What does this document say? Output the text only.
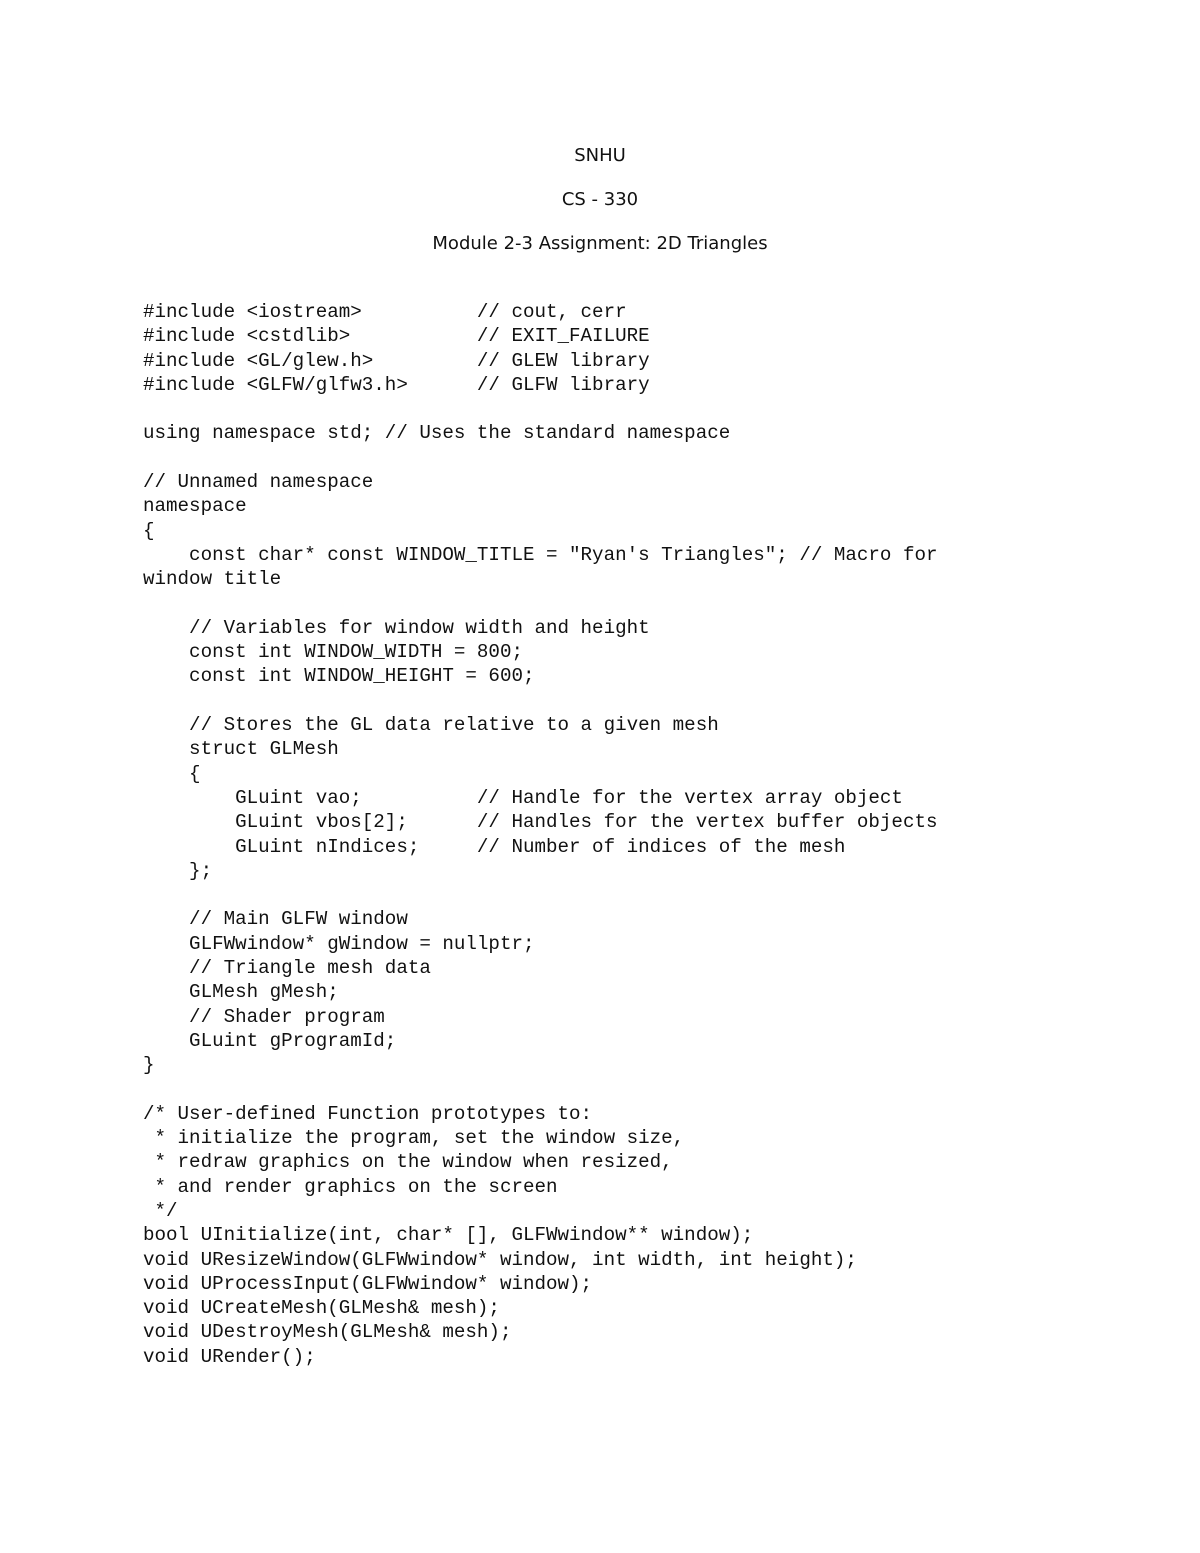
SNHU
CS - 330
Module 2-3 Assignment: 2D Triangles
#include <iostream>          // cout, cerr
#include <cstdlib>           // EXIT_FAILURE
#include <GL/glew.h>         // GLEW library
#include <GLFW/glfw3.h>      // GLFW library

using namespace std; // Uses the standard namespace

// Unnamed namespace
namespace
{
const char* const WINDOW_TITLE = "Ryan's Triangles"; // Macro for
window title

// Variables for window width and height
const int WINDOW_WIDTH = 800;
const int WINDOW_HEIGHT = 600;

// Stores the GL data relative to a given mesh
struct GLMesh
{
GLuint vao;          // Handle for the vertex array object
GLuint vbos[2];      // Handles for the vertex buffer objects
GLuint nIndices;     // Number of indices of the mesh
};

// Main GLFW window
GLFWwindow* gWindow = nullptr;
// Triangle mesh data
GLMesh gMesh;
// Shader program
GLuint gProgramId;
}

/* User-defined Function prototypes to:
* initialize the program, set the window size,
* redraw graphics on the window when resized,
* and render graphics on the screen
*/
bool UInitialize(int, char* [], GLFWwindow** window);
void UResizeWindow(GLFWwindow* window, int width, int height);
void UProcessInput(GLFWwindow* window);
void UCreateMesh(GLMesh& mesh);
void UDestroyMesh(GLMesh& mesh);
void URender();
